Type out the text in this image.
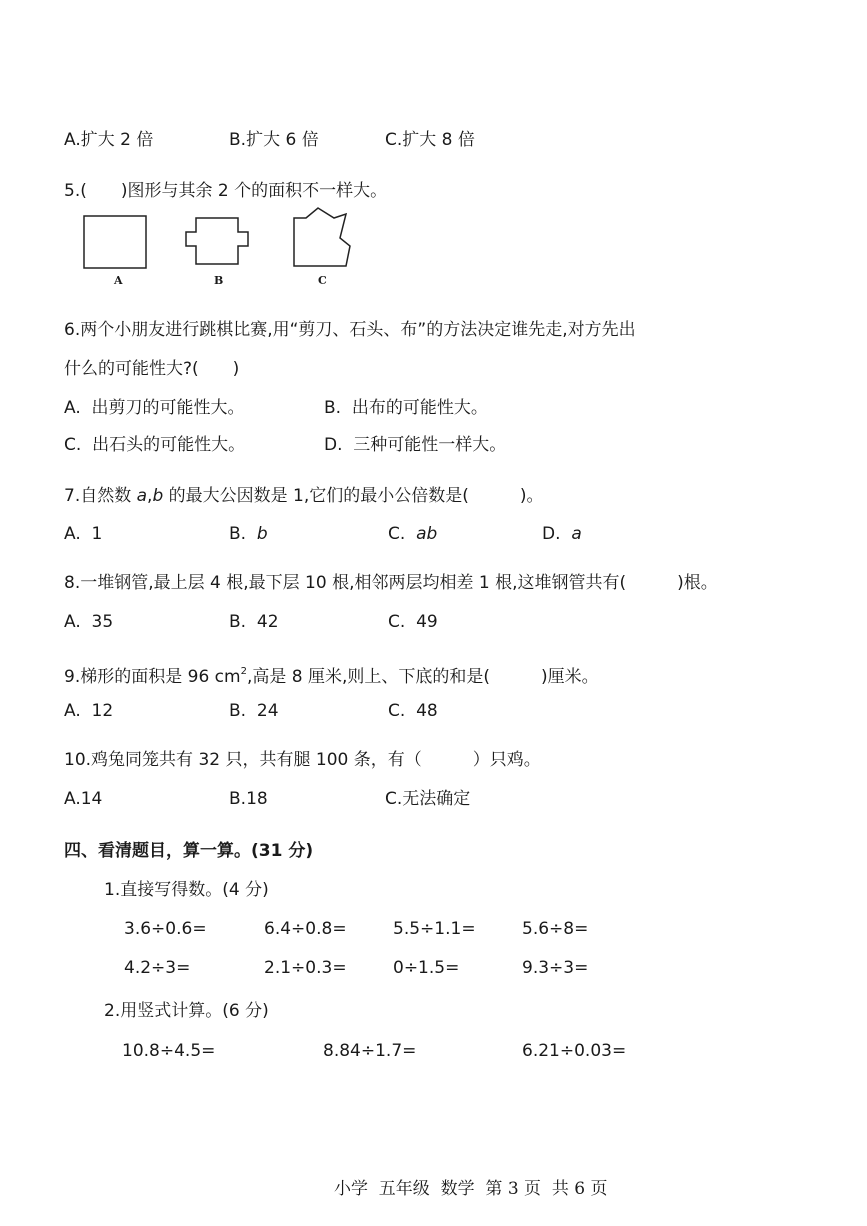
A.扩大 2 倍	B.扩大 6 倍	C.扩大 8 倍
5.(　　)图形与其余 2 个的面积不一样大。
A	B	C
6.两个小朋友进行跳棋比赛,用“剪刀、石头、布”的方法决定谁先走,对方先出
什么的可能性大?(　　)
A.  出剪刀的可能性大。	B.  出布的可能性大。
C.  出石头的可能性大。	D.  三种可能性一样大。
7.自然数 a,b 的最大公因数是 1,它们的最小公倍数是(　　　)。
A. 1	B. b	C. ab	D. a
8.一堆钢管,最上层 4 根,最下层 10 根,相邻两层均相差 1 根,这堆钢管共有(　　　)根。
A.  35	B.  42	C.  49
9.梯形的面积是 96 $cm^2$,高是 8 厘米,则上、下底的和是(　　　)厘米。
A.  12	B.  24	C.  48
10.鸡兔同笼共有 32 只，共有腿 100 条，有（　　　）只鸡。
A.14	B.18	C.无法确定
四、看清题目，算一算。(31 分)
1.直接写得数。(4 分)
3.6÷0.6=	6.4÷0.8=	5.5÷1.1=	5.6÷8=
4.2÷3=	2.1÷0.3=	0÷1.5=	9.3÷3=
2.用竖式计算。(6 分)
10.8÷4.5=	8.84÷1.7=	6.21÷0.03=
小学  五年级  数学  第 3 页  共 6 页
